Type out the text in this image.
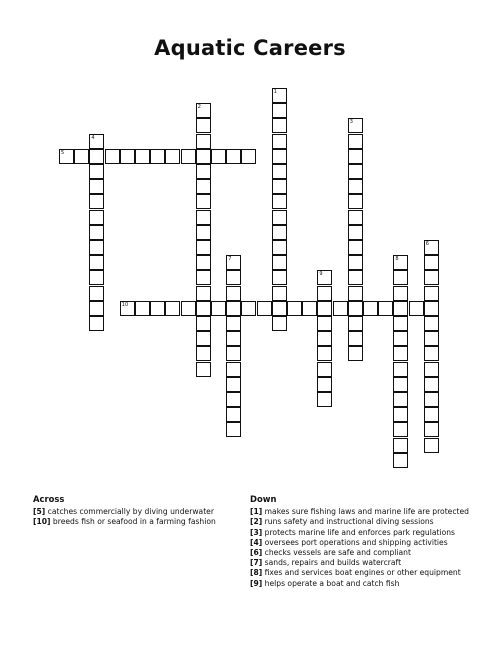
Aquatic Careers
1
2
3
4
5
6
7	8
9
10
Across
[5] catches commercially by diving underwater
[10] breeds fish or seafood in a farming fashion
Down
[1] makes sure fishing laws and marine life are protected
[2] runs safety and instructional diving sessions
[3] protects marine life and enforces park regulations
[4] oversees port operations and shipping activities
[6] checks vessels are safe and compliant
[7] sands, repairs and builds watercraft
[8] fixes and services boat engines or other equipment
[9] helps operate a boat and catch fish
